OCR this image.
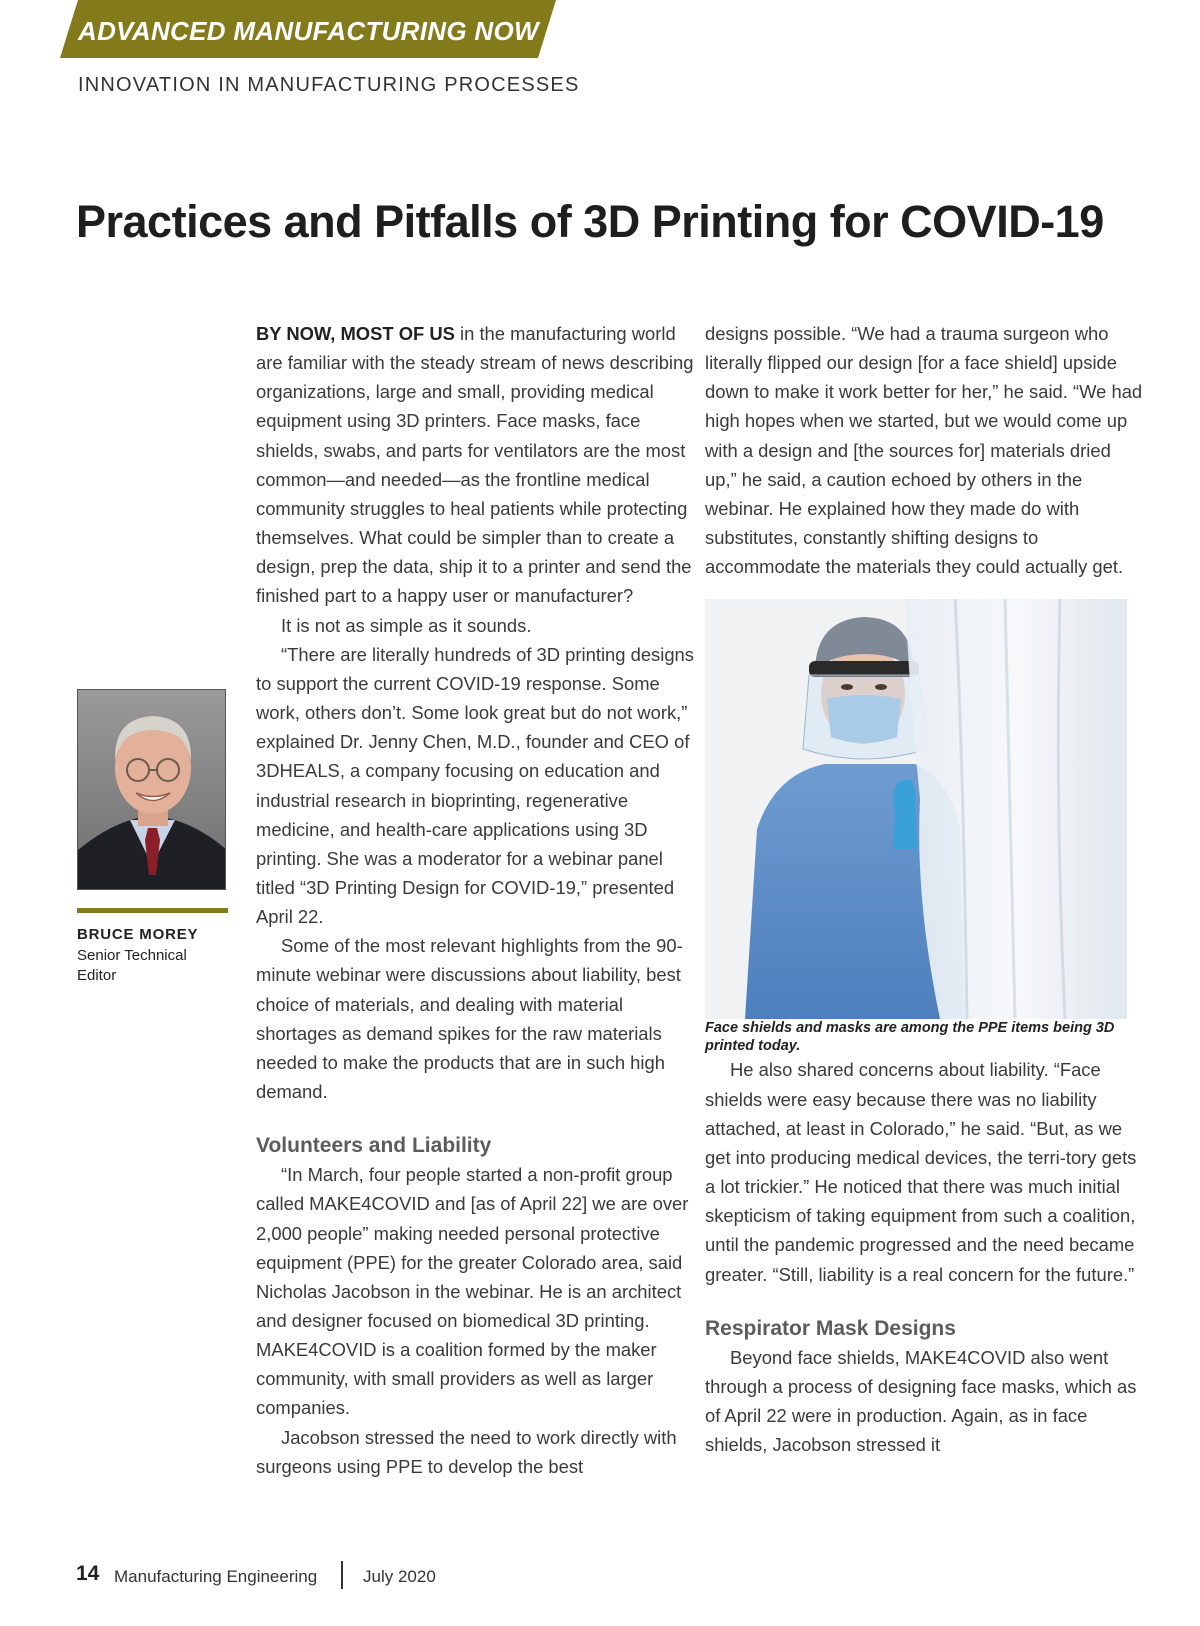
ADVANCED MANUFACTURING NOW
INNOVATION IN MANUFACTURING PROCESSES
Practices and Pitfalls of 3D Printing for COVID-19
BRUCE MOREY
Senior Technical Editor

BY NOW, MOST OF US in the manufacturing world are familiar with the steady stream of news describing organizations, large and small, providing medical equipment using 3D printers. Face masks, face shields, swabs, and parts for ventilators are the most common—and needed—as the frontline medical community struggles to heal patients while protecting themselves. What could be simpler than to create a design, prep the data, ship it to a printer and send the finished part to a happy user or manufacturer?

It is not as simple as it sounds.

“There are literally hundreds of 3D printing designs to support the current COVID-19 response. Some work, others don’t. Some look great but do not work,” explained Dr. Jenny Chen, M.D., founder and CEO of 3DHEALS, a company focusing on education and industrial research in bioprinting, regenerative medicine, and health-care applications using 3D printing. She was a moderator for a webinar panel titled “3D Printing Design for COVID-19,” presented April 22.

Some of the most relevant highlights from the 90-minute webinar were discussions about liability, best choice of materials, and dealing with material shortages as demand spikes for the raw materials needed to make the products that are in such high demand.

Volunteers and Liability

“In March, four people started a non-profit group called MAKE4COVID and [as of April 22] we are over 2,000 people” making needed personal protective equipment (PPE) for the greater Colorado area, said Nicholas Jacobson in the webinar. He is an architect and designer focused on biomedical 3D printing. MAKE4COVID is a coalition formed by the maker community, with small providers as well as larger companies.

Jacobson stressed the need to work directly with surgeons using PPE to develop the best

designs possible. “We had a trauma surgeon who literally flipped our design [for a face shield] upside down to make it work better for her,” he said. “We had high hopes when we started, but we would come up with a design and [the sources for] materials dried up,” he said, a caution echoed by others in the webinar. He explained how they made do with substitutes, constantly shifting designs to accommodate the materials they could actually get.

Face shields and masks are among the PPE items being 3D printed today.

He also shared concerns about liability. “Face shields were easy because there was no liability attached, at least in Colorado,” he said. “But, as we get into producing medical devices, the terri-tory gets a lot trickier.” He noticed that there was much initial skepticism of taking equipment from such a coalition, until the pandemic progressed and the need became greater. “Still, liability is a real concern for the future.”

Respirator Mask Designs

Beyond face shields, MAKE4COVID also went through a process of designing face masks, which as of April 22 were in production. Again, as in face shields, Jacobson stressed it

14 Manufacturing Engineering	July 2020
